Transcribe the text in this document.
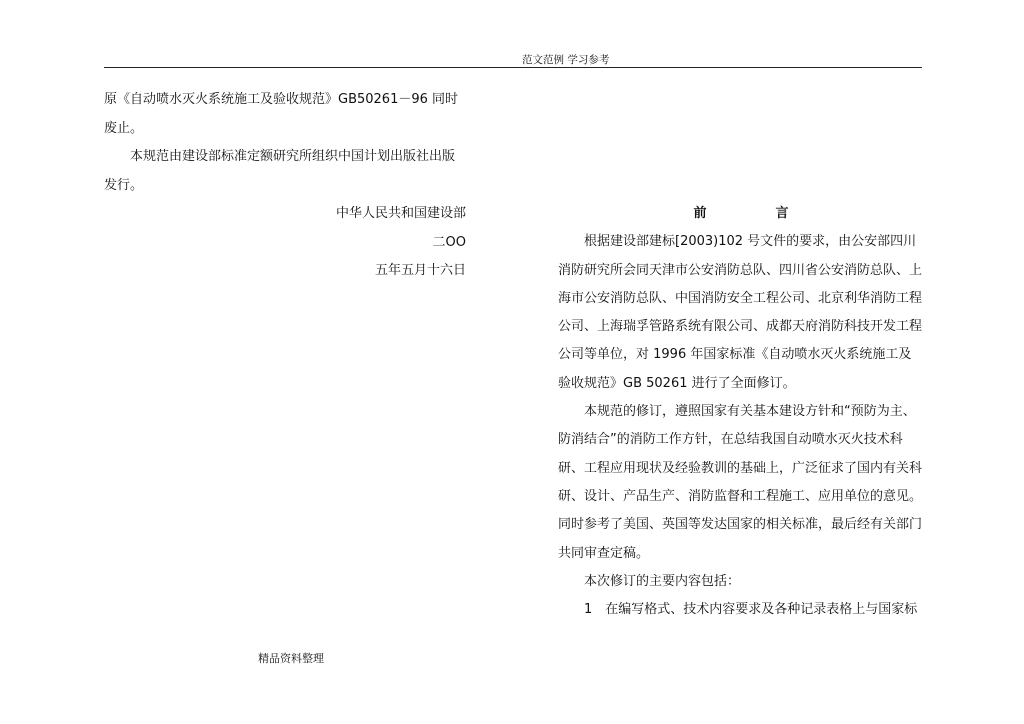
范文范例 学习参考

原《自动喷水灭火系统施工及验收规范》GB50261－96 同时废止。

本规范由建设部标准定额研究所组织中国计划出版社出版发行。

中华人民共和国建设部

二OO

五年五月十六日

前　言

根据建设部建标[2003)102 号文件的要求，由公安部四川消防研究所会同天津市公安消防总队、四川省公安消防总队、上海市公安消防总队、中国消防安全工程公司、北京利华消防工程公司、上海瑞孚管路系统有限公司、成都天府消防科技开发工程公司等单位，对 1996 年国家标准《自动喷水灭火系统施工及验收规范》GB 50261 进行了全面修订。

本规范的修订，遵照国家有关基本建设方针和“预防为主、防消结合”的消防工作方针，在总结我国自动喷水灭火技术科研、工程应用现状及经验教训的基础上，广泛征求了国内有关科研、设计、产品生产、消防监督和工程施工、应用单位的意见。同时参考了美国、英国等发达国家的相关标准，最后经有关部门共同审查定稿。

本次修订的主要内容包括：

1　在编写格式、技术内容要求及各种记录表格上与国家标

精品资料整理
